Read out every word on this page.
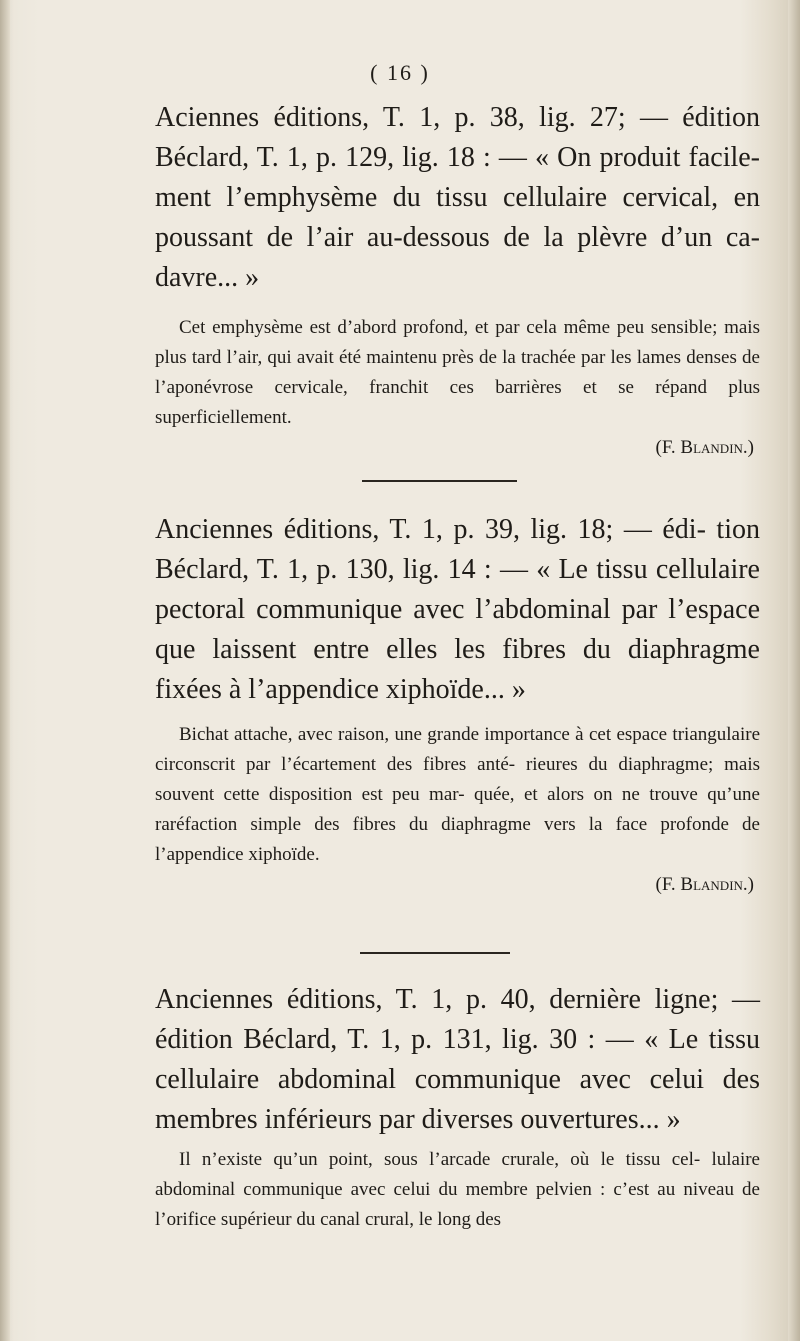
( 16 )

Aciennes éditions, T. 1, p. 38, lig. 27; — édition Béclard, T. 1, p. 129, lig. 18 : — « On produit facile- ment l’emphysème du tissu cellulaire cervical, en poussant de l’air au-dessous de la plèvre d’un ca- davre... »

Cet emphysème est d’abord profond, et par cela même peu sensible; mais plus tard l’air, qui avait été maintenu près de la trachée par les lames denses de l’aponévrose cervicale, franchit ces barrières et se répand plus superficiellement.

(F. Blandin.)

Anciennes éditions, T. 1, p. 39, lig. 18; — édi- tion Béclard, T. 1, p. 130, lig. 14 : — « Le tissu cellulaire pectoral communique avec l’abdominal par l’espace que laissent entre elles les fibres du diaphragme fixées à l’appendice xiphoïde... »

Bichat attache, avec raison, une grande importance à cet espace triangulaire circonscrit par l’écartement des fibres anté- rieures du diaphragme; mais souvent cette disposition est peu mar- quée, et alors on ne trouve qu’une raréfaction simple des fibres du diaphragme vers la face profonde de l’appendice xiphoïde.

(F. Blandin.)

Anciennes éditions, T. 1, p. 40, dernière ligne; — édition Béclard, T. 1, p. 131, lig. 30 : — « Le tissu cellulaire abdominal communique avec celui des membres inférieurs par diverses ouvertures... »

Il n’existe qu’un point, sous l’arcade crurale, où le tissu cel- lulaire abdominal communique avec celui du membre pelvien : c’est au niveau de l’orifice supérieur du canal crural, le long des
